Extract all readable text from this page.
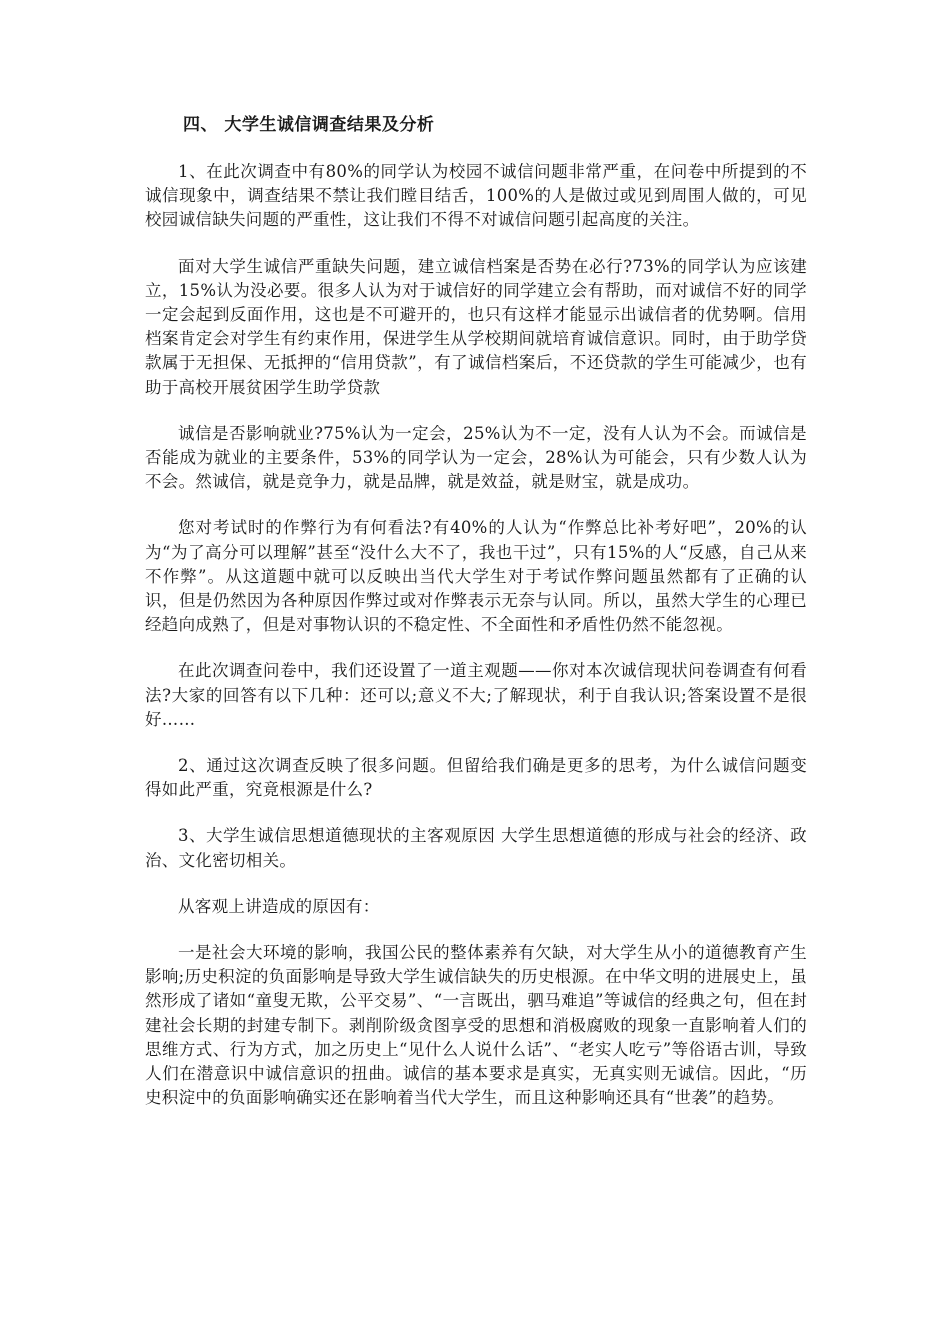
四、 大学生诚信调查结果及分析

1、在此次调查中有80%的同学认为校园不诚信问题非常严重，在问卷中所提到的不诚信现象中，调查结果不禁让我们瞠目结舌，100%的人是做过或见到周围人做的，可见校园诚信缺失问题的严重性，这让我们不得不对诚信问题引起高度的关注。

面对大学生诚信严重缺失问题，建立诚信档案是否势在必行?73%的同学认为应该建立，15%认为没必要。很多人认为对于诚信好的同学建立会有帮助，而对诚信不好的同学一定会起到反面作用，这也是不可避开的，也只有这样才能显示出诚信者的优势啊。信用档案肯定会对学生有约束作用，保进学生从学校期间就培育诚信意识。同时，由于助学贷款属于无担保、无抵押的“信用贷款”，有了诚信档案后，不还贷款的学生可能减少，也有助于高校开展贫困学生助学贷款

诚信是否影响就业?75%认为一定会，25%认为不一定，没有人认为不会。而诚信是否能成为就业的主要条件，53%的同学认为一定会，28%认为可能会，只有少数人认为不会。然诚信，就是竞争力，就是品牌，就是效益，就是财宝，就是成功。

您对考试时的作弊行为有何看法?有40%的人认为“作弊总比补考好吧”，20%的认为“为了高分可以理解”甚至“没什么大不了，我也干过”，只有15%的人“反感，自己从来不作弊”。从这道题中就可以反映出当代大学生对于考试作弊问题虽然都有了正确的认识，但是仍然因为各种原因作弊过或对作弊表示无奈与认同。所以，虽然大学生的心理已经趋向成熟了，但是对事物认识的不稳定性、不全面性和矛盾性仍然不能忽视。

在此次调查问卷中，我们还设置了一道主观题——你对本次诚信现状问卷调查有何看法?大家的回答有以下几种：还可以;意义不大;了解现状，利于自我认识;答案设置不是很好……

2、通过这次调查反映了很多问题。但留给我们确是更多的思考，为什么诚信问题变得如此严重，究竟根源是什么?

3、大学生诚信思想道德现状的主客观原因 大学生思想道德的形成与社会的经济、政治、文化密切相关。

从客观上讲造成的原因有：

一是社会大环境的影响，我国公民的整体素养有欠缺，对大学生从小的道德教育产生影响;历史积淀的负面影响是导致大学生诚信缺失的历史根源。在中华文明的进展史上，虽然形成了诸如“童叟无欺，公平交易”、“一言既出，驷马难追”等诚信的经典之句，但在封建社会长期的封建专制下。剥削阶级贪图享受的思想和消极腐败的现象一直影响着人们的思维方式、行为方式，加之历史上“见什么人说什么话”、“老实人吃亏”等俗语古训，导致人们在潜意识中诚信意识的扭曲。诚信的基本要求是真实，无真实则无诚信。因此，“历史积淀中的负面影响确实还在影响着当代大学生，而且这种影响还具有“世袭”的趋势。
